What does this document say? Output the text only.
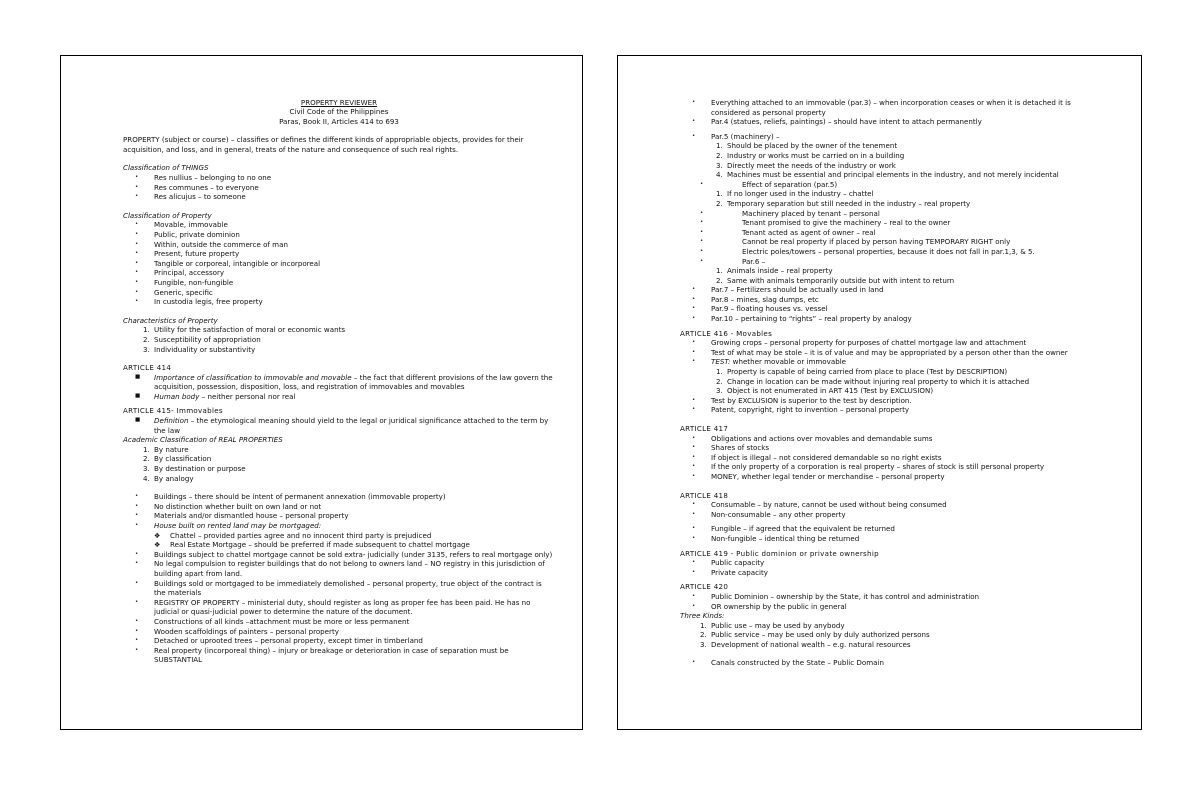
PROPERTY REVIEWER
Civil Code of the Philippines
Paras, Book II, Articles 414 to 693

PROPERTY (subject or course) – classifies or defines the different kinds of appropriable objects, provides for their acquisition, and loss, and in general, treats of the nature and consequence of such real rights.

Classification of THINGS
• Res nullius – belonging to no one
• Res communes – to everyone
• Res alicujus – to someone
Classification of Property
• Movable, immovable
• Public, private dominion
• Within, outside the commerce of man
• Present, future property
• Tangible or corporeal, intangible or incorporeal
• Principal, accessory
• Fungible, non-fungible
• Generic, specific
• In custodia legis, free property
Characteristics of Property
1. Utility for the satisfaction of moral or economic wants
2. Susceptibility of appropriation
3. Individuality or substantivity
ARTICLE 414
■ Importance of classification to immovable and movable – the fact that different provisions of the law govern the acquisition, possession, disposition, loss, and registration of immovables and movables
■ Human body – neither personal nor real
ARTICLE 415- Immovables
■ Definition – the etymological meaning should yield to the legal or juridical significance attached to the term by the law
Academic Classification of REAL PROPERTIES
1. By nature
2. By classification
3. By destination or purpose
4. By analogy
• Buildings – there should be intent of permanent annexation (immovable property)
• No distinction whether built on own land or not
• Materials and/or dismantled house – personal property
• House built on rented land may be mortgaged:
❖ Chattel – provided parties agree and no innocent third party is prejudiced
❖ Real Estate Mortgage – should be preferred if made subsequent to chattel mortgage
• Buildings subject to chattel mortgage cannot be sold extra- judicially (under 3135, refers to real mortgage only)
• No legal compulsion to register buildings that do not belong to owners land – NO registry in this jurisdiction of building apart from land.
• Buildings sold or mortgaged to be immediately demolished – personal property, true object of the contract is the materials
• REGISTRY OF PROPERTY – ministerial duty, should register as long as proper fee has been paid. He has no judicial or quasi-judicial power to determine the nature of the document.
• Constructions of all kinds –attachment must be more or less permanent
• Wooden scaffoldings of painters – personal property
• Detached or uprooted trees – personal property, except timer in timberland
• Real property (incorporeal thing) – injury or breakage or deterioration in case of separation must be SUBSTANTIAL
• Everything attached to an immovable (par.3) – when incorporation ceases or when it is detached it is considered as personal property
• Par.4 (statues, reliefs, paintings) – should have intent to attach permanently
• Par.5 (machinery) –
1. Should be placed by the owner of the tenement
2. Industry or works must be carried on in a building
3. Directly meet the needs of the industry or work
4. Machines must be essential and principal elements in the industry, and not merely incidental
•	Effect of separation (par.5)
1. If no longer used in the industry – chattel
2. Temporary separation but still needed in the industry – real property
•	Machinery placed by tenant – personal
•	Tenant promised to give the machinery – real to the owner
•	Tenant acted as agent of owner – real
•	Cannot be real property if placed by person having TEMPORARY RIGHT only
•	Electric poles/towers – personal properties, because it does not fall in par.1,3, & 5.
•	Par.6 –
1. Animals inside – real property
2. Same with animals temporarily outside but with intent to return
• Par.7 – Fertilizers should be actually used in land
• Par.8 – mines, slag dumps, etc
• Par.9 – floating houses vs. vessel
• Par.10 – pertaining to “rights” – real property by analogy
ARTICLE 416 - Movables
• Growing crops – personal property for purposes of chattel mortgage law and attachment
• Test of what may be stole – it is of value and may be appropriated by a person other than the owner
• TEST: whether movable or immovable
1. Property is capable of being carried from place to place (Test by DESCRIPTION)
2. Change in location can be made without injuring real property to which it is attached
3. Object is not enumerated in ART 415 (Test by EXCLUSION)
• Test by EXCLUSION is superior to the test by description.
• Patent, copyright, right to invention – personal property
ARTICLE 417
• Obligations and actions over movables and demandable sums
• Shares of stocks
• If object is illegal – not considered demandable so no right exists
• If the only property of a corporation is real property – shares of stock is still personal property
• MONEY, whether legal tender or merchandise – personal property
ARTICLE 418
• Consumable – by nature, cannot be used without being consumed
• Non-consumable – any other property
• Fungible – if agreed that the equivalent be returned
• Non-fungible – identical thing be returned
ARTICLE 419 - Public dominion or private ownership
• Public capacity
• Private capacity
ARTICLE 420
• Public Dominion – ownership by the State, it has control and administration
• OR ownership by the public in general
Three Kinds:
1. Public use – may be used by anybody
2. Public service – may be used only by duly authorized persons
3. Development of national wealth – e.g. natural resources
• Canals constructed by the State – Public Domain
